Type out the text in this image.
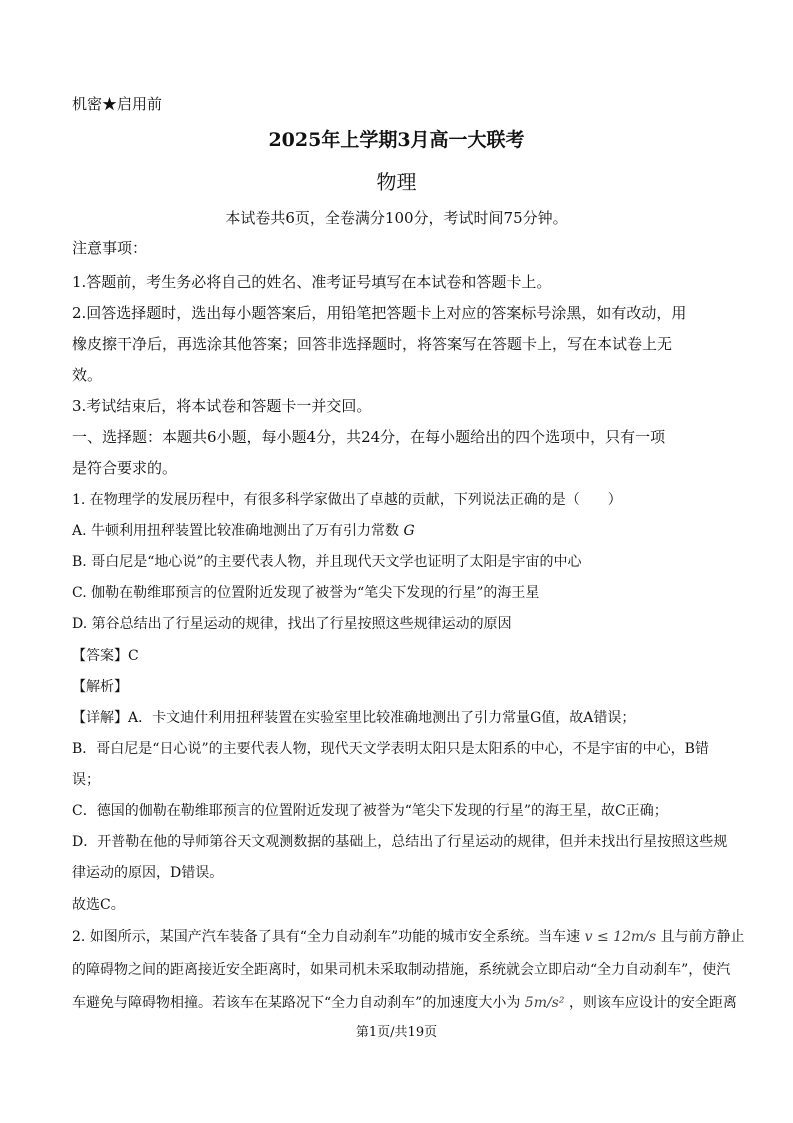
机密★启用前
2025年上学期3月高一大联考
物理
本试卷共6页，全卷满分100分，考试时间75分钟。
注意事项：
1.答题前，考生务必将自己的姓名、准考证号填写在本试卷和答题卡上。
2.回答选择题时，选出每小题答案后，用铅笔把答题卡上对应的答案标号涂黑，如有改动，用
橡皮擦干净后，再选涂其他答案；回答非选择题时，将答案写在答题卡上，写在本试卷上无
效。
3.考试结束后，将本试卷和答题卡一并交回。
一、选择题：本题共6小题，每小题4分，共24分，在每小题给出的四个选项中，只有一项
是符合要求的。
1. 在物理学的发展历程中，有很多科学家做出了卓越的贡献，下列说法正确的是（　　）
A. 牛顿利用扭秤装置比较准确地测出了万有引力常数 G
B. 哥白尼是“地心说”的主要代表人物，并且现代天文学也证明了太阳是宇宙的中心
C. 伽勒在勒维耶预言的位置附近发现了被誉为“笔尖下发现的行星”的海王星
D. 第谷总结出了行星运动的规律，找出了行星按照这些规律运动的原因
【答案】C
【解析】
【详解】A．卡文迪什利用扭秤装置在实验室里比较准确地测出了引力常量G值，故A错误；
B．哥白尼是“日心说”的主要代表人物，现代天文学表明太阳只是太阳系的中心，不是宇宙的中心，B错
误；
C．德国的伽勒在勒维耶预言的位置附近发现了被誉为“笔尖下发现的行星”的海王星，故C正确；
D．开普勒在他的导师第谷天文观测数据的基础上，总结出了行星运动的规律，但并未找出行星按照这些规
律运动的原因，D错误。
故选C。
2. 如图所示，某国产汽车装备了具有“全力自动刹车”功能的城市安全系统。当车速 v ≤ 12m/s 且与前方静止
的障碍物之间的距离接近安全距离时，如果司机未采取制动措施，系统就会立即启动“全力自动刹车”，使汽
车避免与障碍物相撞。若该车在某路况下“全力自动刹车”的加速度大小为 5m/s² ，则该车应设计的安全距离
第1页/共19页
